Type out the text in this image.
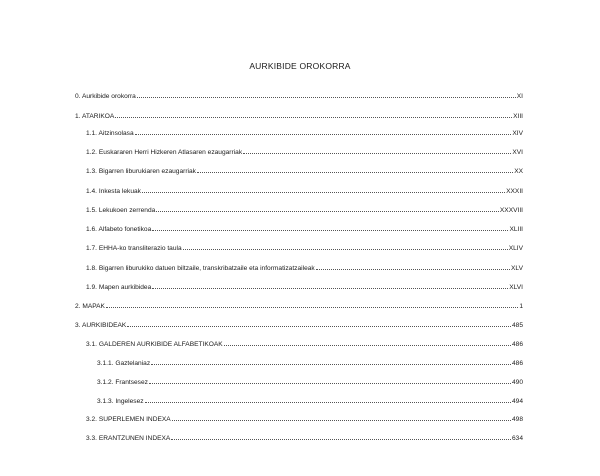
AURKIBIDE OROKORRA
0. Aurkibide orokorra	XI
1. ATARIKOA	XIII
1.1. Aitzinsolasa	XIV
1.2. Euskararen Herri Hizkeren Atlasaren ezaugarriak	XVI
1.3. Bigarren liburukiaren ezaugarriak	XX
1.4. Inkesta lekuak	XXXII
1.5. Lekukoen zerrenda	XXXVIII
1.6. Alfabeto fonetikoa	XLIII
1.7. EHHA-ko transliterazio taula	XLIV
1.8. Bigarren liburukiko datuen biltzaile, transkribatzaile eta informatizatzaileak	XLV
1.9. Mapen aurkibidea	XLVI
2. MAPAK	1
3. AURKIBIDEAK	485
3.1. GALDEREN AURKIBIDE ALFABETIKOAK	486
3.1.1. Gaztelaniaz	486
3.1.2. Frantsesez	490
3.1.3. Ingelesez	494
3.2. SUPERLEMEN INDEXA	498
3.3. ERANTZUNEN INDEXA	634
